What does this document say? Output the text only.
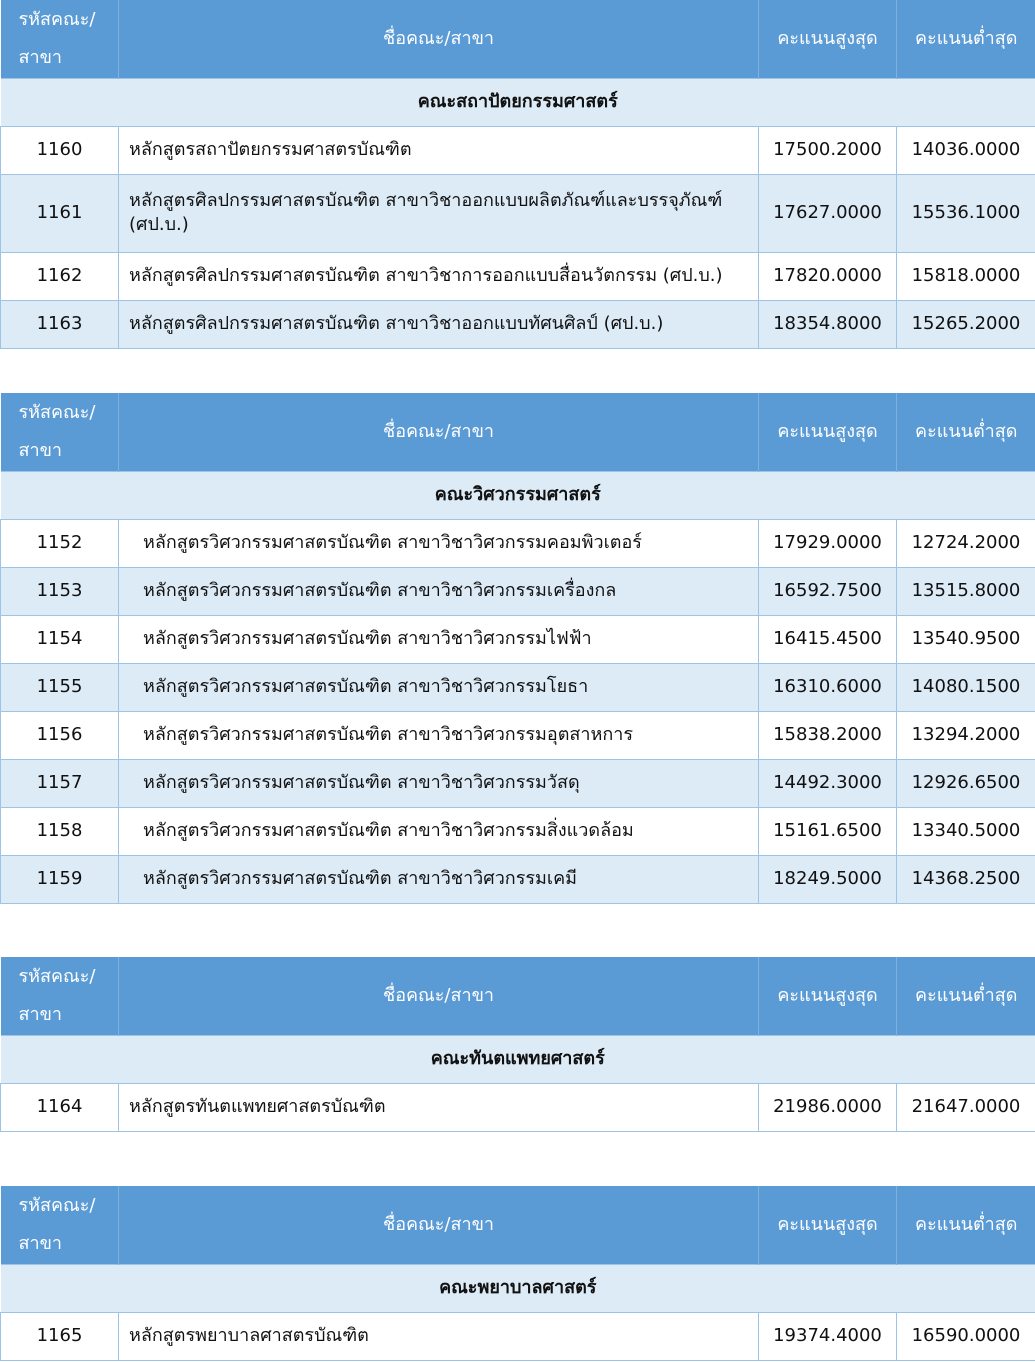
รหัสคณะ/
สาขา	ชื่อคณะ/สาขา	คะแนนสูงสุด	คะแนนต่ำสุด
คณะสถาปัตยกรรมศาสตร์			
1160	หลักสูตรสถาปัตยกรรมศาสตรบัณฑิต	17500.2000	14036.0000
1161	หลักสูตรศิลปกรรมศาสตรบัณฑิต สาขาวิชาออกแบบผลิตภัณฑ์และบรรจุภัณฑ์ (ศป.บ.)	17627.0000	15536.1000
1162	หลักสูตรศิลปกรรมศาสตรบัณฑิต สาขาวิชาการออกแบบสื่อนวัตกรรม (ศป.บ.)	17820.0000	15818.0000
1163	หลักสูตรศิลปกรรมศาสตรบัณฑิต สาขาวิชาออกแบบทัศนศิลป์ (ศป.บ.)	18354.8000	15265.2000
รหัสคณะ/
สาขา	ชื่อคณะ/สาขา	คะแนนสูงสุด	คะแนนต่ำสุด
คณะวิศวกรรมศาสตร์			
1152	หลักสูตรวิศวกรรมศาสตรบัณฑิต สาขาวิชาวิศวกรรมคอมพิวเตอร์	17929.0000	12724.2000
1153	หลักสูตรวิศวกรรมศาสตรบัณฑิต สาขาวิชาวิศวกรรมเครื่องกล	16592.7500	13515.8000
1154	หลักสูตรวิศวกรรมศาสตรบัณฑิต สาขาวิชาวิศวกรรมไฟฟ้า	16415.4500	13540.9500
1155	หลักสูตรวิศวกรรมศาสตรบัณฑิต สาขาวิชาวิศวกรรมโยธา	16310.6000	14080.1500
1156	หลักสูตรวิศวกรรมศาสตรบัณฑิต สาขาวิชาวิศวกรรมอุตสาหการ	15838.2000	13294.2000
1157	หลักสูตรวิศวกรรมศาสตรบัณฑิต สาขาวิชาวิศวกรรมวัสดุ	14492.3000	12926.6500
1158	หลักสูตรวิศวกรรมศาสตรบัณฑิต สาขาวิชาวิศวกรรมสิ่งแวดล้อม	15161.6500	13340.5000
1159	หลักสูตรวิศวกรรมศาสตรบัณฑิต สาขาวิชาวิศวกรรมเคมี	18249.5000	14368.2500
รหัสคณะ/
สาขา	ชื่อคณะ/สาขา	คะแนนสูงสุด	คะแนนต่ำสุด
คณะทันตแพทยศาสตร์			
1164	หลักสูตรทันตแพทยศาสตรบัณฑิต	21986.0000	21647.0000
รหัสคณะ/
สาขา	ชื่อคณะ/สาขา	คะแนนสูงสุด	คะแนนต่ำสุด
คณะพยาบาลศาสตร์			
1165	หลักสูตรพยาบาลศาสตรบัณฑิต	19374.4000	16590.0000
